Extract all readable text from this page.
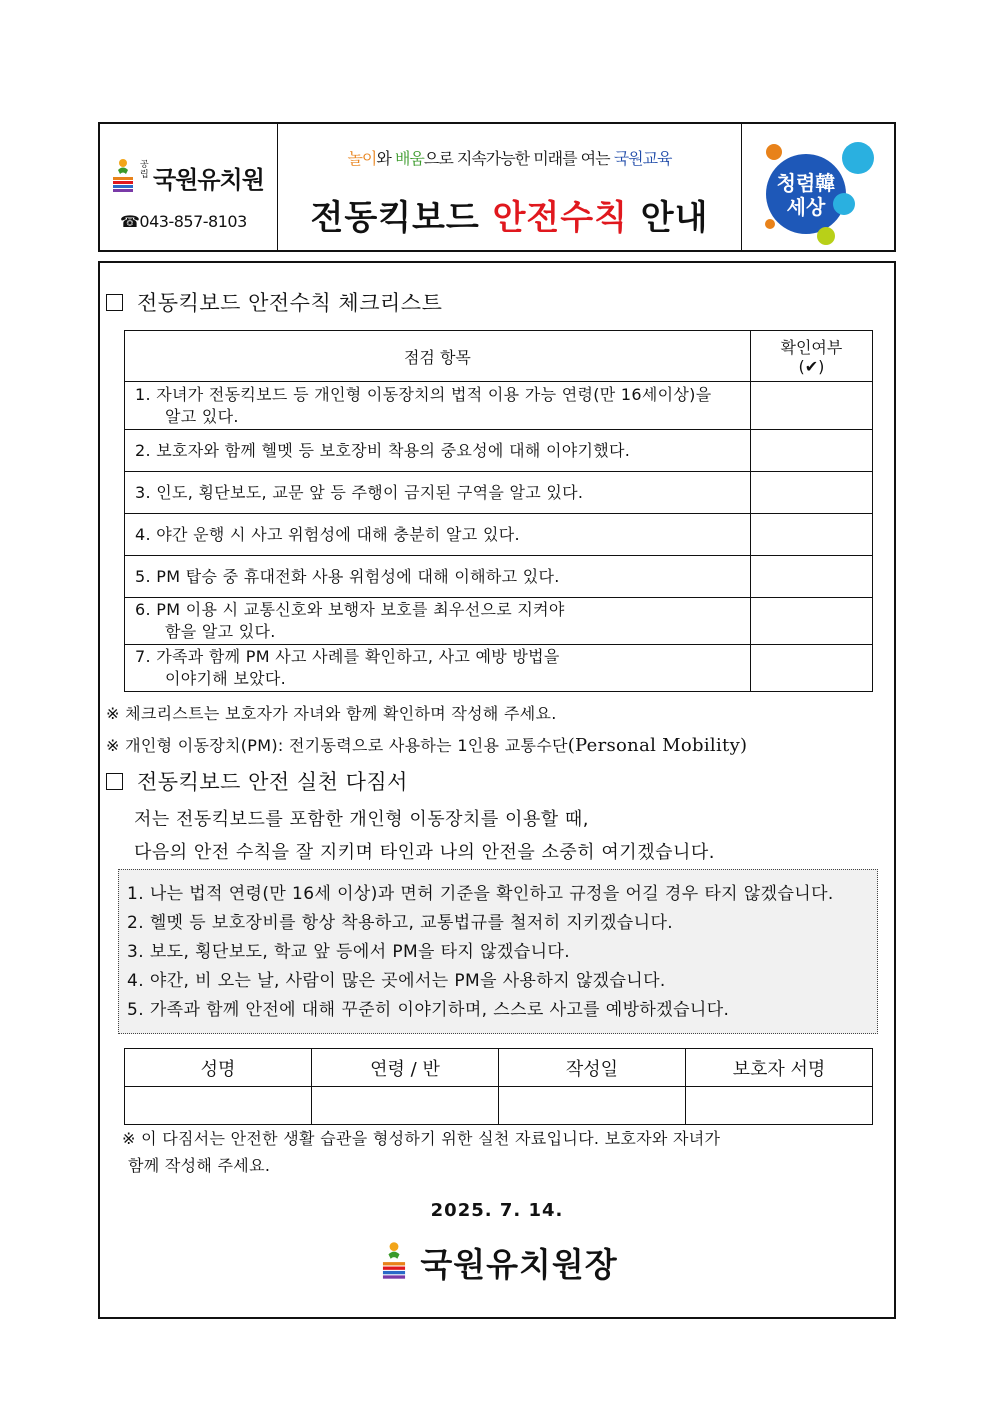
공립 국원유치원
☎043-857-8103
놀이와 배움으로 지속가능한 미래를 여는 국원교육
전동킥보드 안전수칙 안내
청렴韓
세상
전동킥보드 안전수칙 체크리스트
점검 항목	확인여부
(✔)

1. 자녀가 전동킥보드 등 개인형 이동장치의 법적 이용 가능 연령(만 16세이상)을
알고 있다.	

2. 보호자와 함께 헬멧 등 보호장비 착용의 중요성에 대해 이야기했다.	
3. 인도, 횡단보도, 교문 앞 등 주행이 금지된 구역을 알고 있다.	
4. 야간 운행 시 사고 위험성에 대해 충분히 알고 있다.	
5. PM 탑승 중 휴대전화 사용 위험성에 대해 이해하고 있다.	

6. PM 이용 시 교통신호와 보행자 보호를 최우선으로 지켜야
함을 알고 있다.	

7. 가족과 함께 PM 사고 사례를 확인하고, 사고 예방 방법을
이야기해 보았다.	

※ 체크리스트는 보호자가 자녀와 함께 확인하며 작성해 주세요.
※ 개인형 이동장치(PM): 전기동력으로 사용하는 1인용 교통수단(Personal Mobility)
전동킥보드 안전 실천 다짐서
저는 전동킥보드를 포함한 개인형 이동장치를 이용할 때,
다음의 안전 수칙을 잘 지키며 타인과 나의 안전을 소중히 여기겠습니다.
1. 나는 법적 연령(만 16세 이상)과 면허 기준을 확인하고 규정을 어길 경우 타지 않겠습니다.
2. 헬멧 등 보호장비를 항상 착용하고, 교통법규를 철저히 지키겠습니다.
3. 보도, 횡단보도, 학교 앞 등에서 PM을 타지 않겠습니다.
4. 야간, 비 오는 날, 사람이 많은 곳에서는 PM을 사용하지 않겠습니다.
5. 가족과 함께 안전에 대해 꾸준히 이야기하며, 스스로 사고를 예방하겠습니다.
성명	연령 / 반	작성일	보호자 서명

※ 이 다짐서는 안전한 생활 습관을 형성하기 위한 실천 자료입니다. 보호자와 자녀가
함께 작성해 주세요.
2025. 7. 14.
국원유치원장
